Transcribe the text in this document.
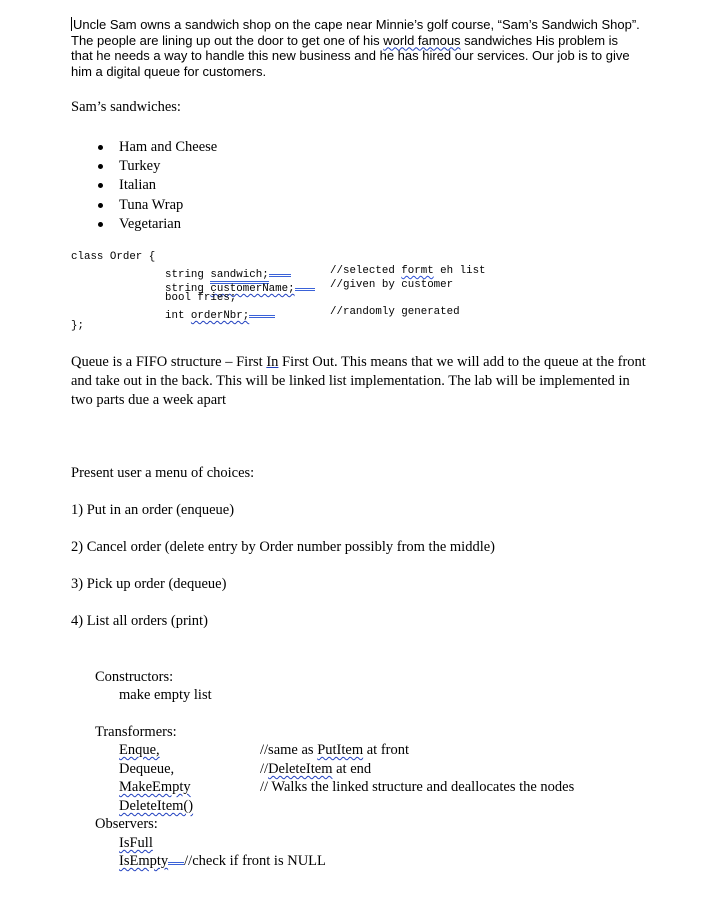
Uncle Sam owns a sandwich shop on the cape near Minnie’s golf course, “Sam’s Sandwich Shop”. The people are lining up out the door to get one of his world famous sandwiches His problem is that he needs a way to handle this new business and he has hired our services. Our job is to give him a digital queue for customers.
Sam’s sandwiches:
Ham and Cheese
Turkey
Italian
Tuna Wrap
Vegetarian
class Order {
string sandwich;	//selected formt eh list
string customerName;	//given by customer
bool fries;
int orderNbr;	//randomly generated
};
Queue is a FIFO structure – First In First Out. This means that we will add to the queue at the front and take out in the back. This will be linked list implementation. The lab will be implemented in two parts due a week apart
Present user a menu of choices:
1) Put in an order (enqueue)
2) Cancel order (delete entry by Order number possibly from the middle)
3) Pick up order (dequeue)
4) List all orders (print)
Constructors:
make empty list
Transformers:
Enque,	//same as PutItem at front
Dequeue,	//DeleteItem at end
MakeEmpty	// Walks the linked structure and deallocates the nodes
DeleteItem()
Observers:
IsFull
IsEmpty //check if front is NULL
